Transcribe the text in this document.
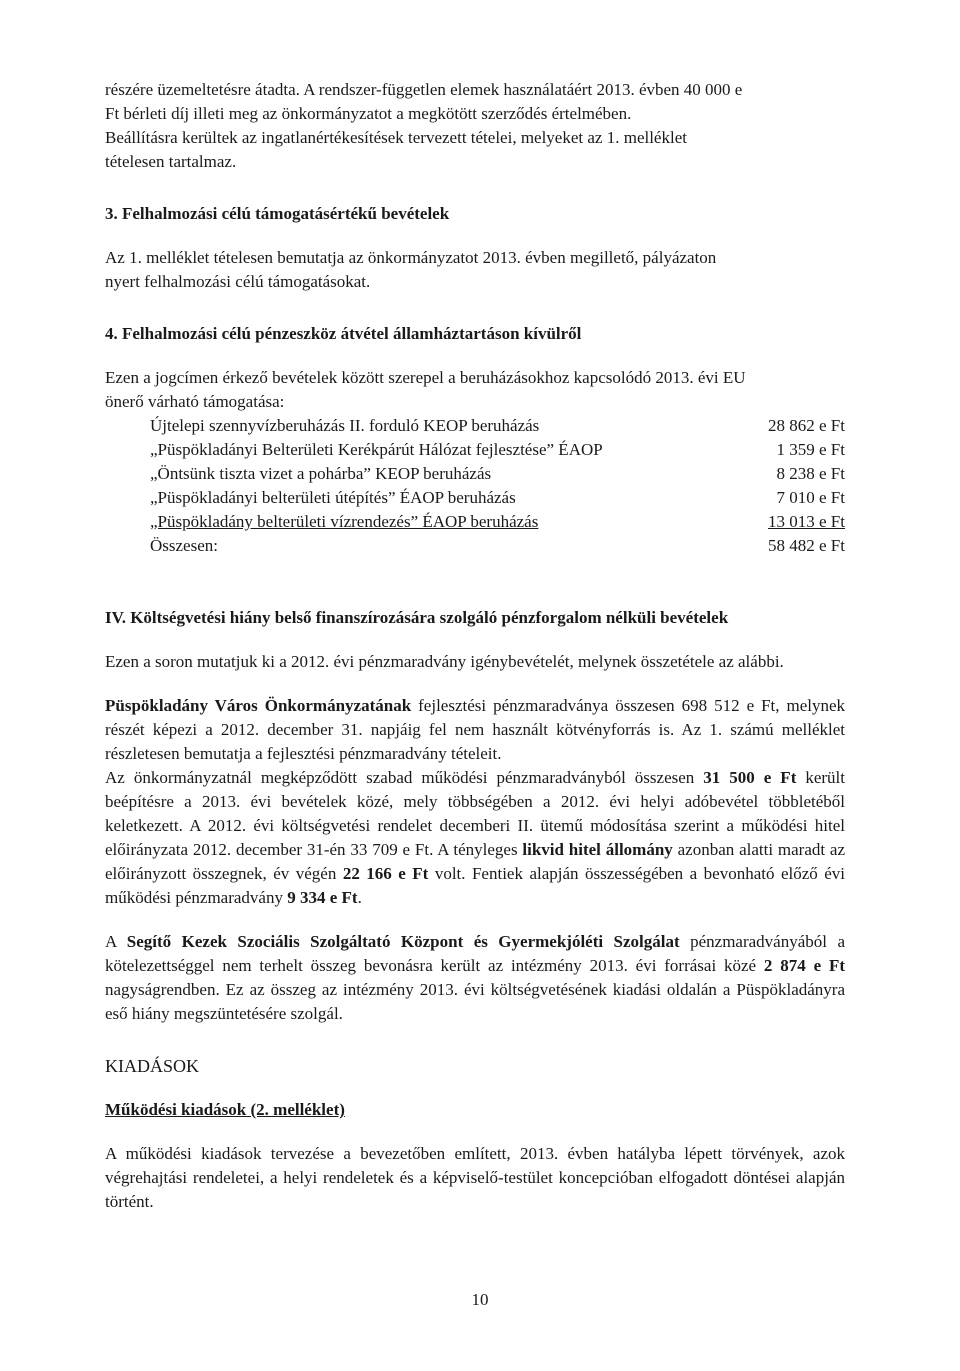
részére üzemeltetésre átadta. A rendszer-független elemek használatáért 2013. évben 40 000 e

Ft bérleti díj illeti meg az önkormányzatot a megkötött szerződés értelmében.

Beállításra kerültek az ingatlanértékesítések tervezett tételei, melyeket az 1. melléklet

tételesen tartalmaz.

3. Felhalmozási célú támogatásértékű bevételek

Az 1. melléklet tételesen bemutatja az önkormányzatot 2013. évben megillető, pályázaton

nyert felhalmozási célú támogatásokat.

4. Felhalmozási célú pénzeszköz átvétel államháztartáson kívülről

Ezen a jogcímen érkező bevételek között szerepel a beruházásokhoz kapcsolódó 2013. évi EU

önerő várható támogatása:

Újtelepi szennyvízberuházás II. forduló KEOP beruházás	28 862 e Ft
„Püspökladányi Belterületi Kerékpárút Hálózat fejlesztése” ÉAOP	1 359 e Ft
„Öntsünk tiszta vizet a pohárba” KEOP beruházás	8 238 e Ft
„Püspökladányi belterületi útépítés” ÉAOP beruházás	7 010 e Ft
„Püspökladány belterületi vízrendezés” ÉAOP beruházás	13 013 e Ft
Összesen:	58 482 e Ft

IV. Költségvetési hiány belső finanszírozására szolgáló pénzforgalom nélküli bevételek

Ezen a soron mutatjuk ki a 2012. évi pénzmaradvány igénybevételét, melynek összetétele az alábbi.

Püspökladány Város Önkormányzatának fejlesztési pénzmaradványa összesen 698 512 e Ft, melynek részét képezi a 2012. december 31. napjáig fel nem használt kötvényforrás is. Az 1. számú melléklet részletesen bemutatja a fejlesztési pénzmaradvány tételeit.

Az önkormányzatnál megképződött szabad működési pénzmaradványból összesen 31 500 e Ft került beépítésre a 2013. évi bevételek közé, mely többségében a 2012. évi helyi adóbevétel többletéből keletkezett. A 2012. évi költségvetési rendelet decemberi II. ütemű módosítása szerint a működési hitel előirányzata 2012. december 31-én 33 709 e Ft. A tényleges likvid hitel állomány azonban alatti maradt az előirányzott összegnek, év végén 22 166 e Ft volt. Fentiek alapján összességében a bevonható előző évi működési pénzmaradvány 9 334 e Ft.

A Segítő Kezek Szociális Szolgáltató Központ és Gyermekjóléti Szolgálat pénzmaradványából a kötelezettséggel nem terhelt összeg bevonásra került az intézmény 2013. évi forrásai közé 2 874 e Ft nagyságrendben. Ez az összeg az intézmény 2013. évi költségvetésének kiadási oldalán a Püspökladányra eső hiány megszüntetésére szolgál.

KIADÁSOK

Működési kiadások (2. melléklet)

A működési kiadások tervezése a bevezetőben említett, 2013. évben hatályba lépett törvények, azok végrehajtási rendeletei, a helyi rendeletek és a képviselő-testület koncepcióban elfogadott döntései alapján történt.

10
